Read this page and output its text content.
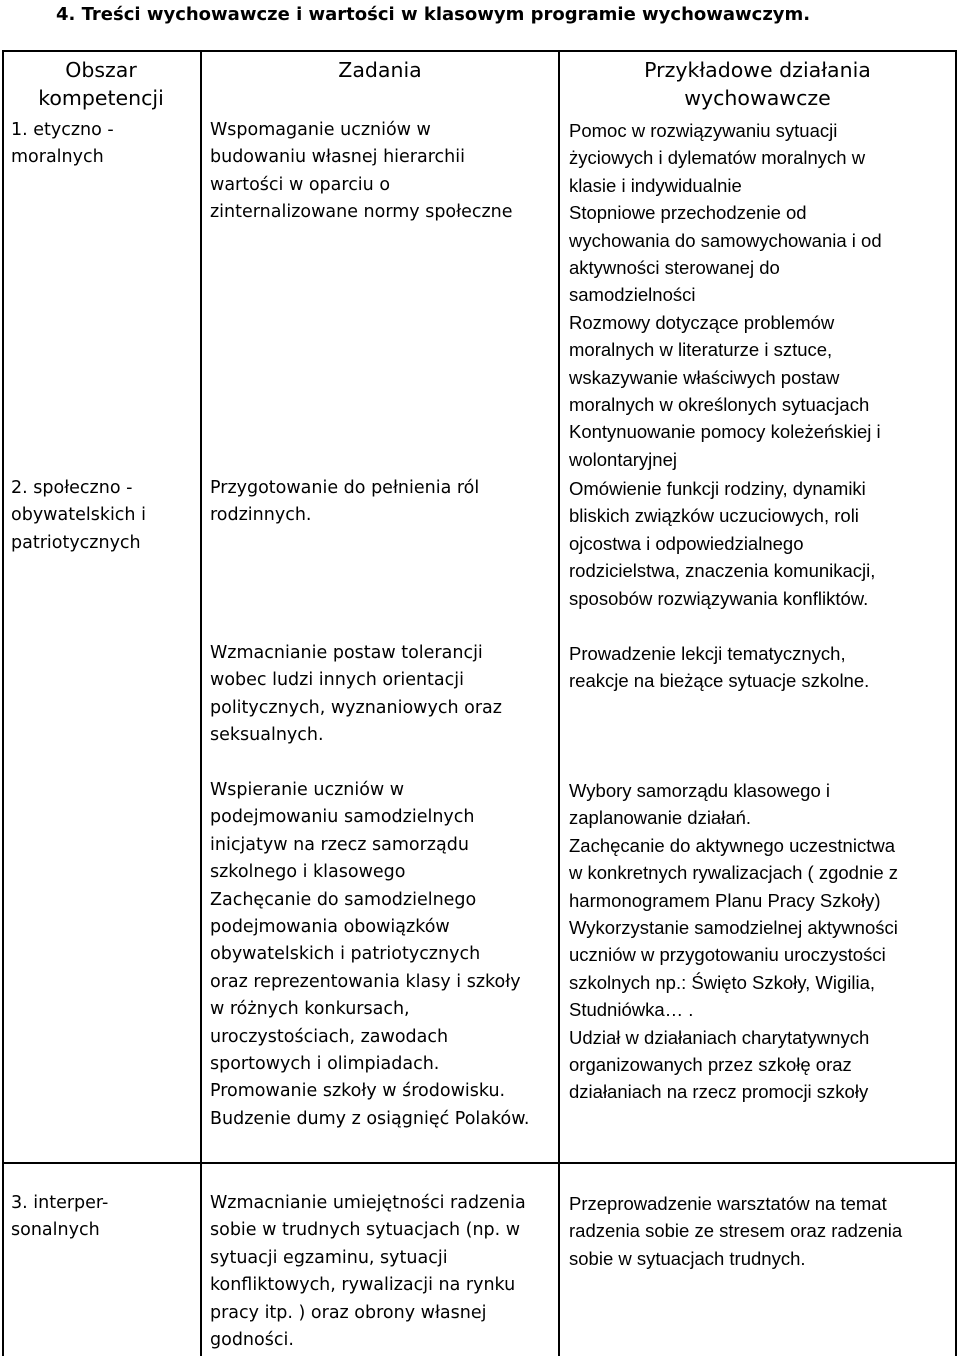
4. Treści wychowawcze i wartości w klasowym programie wychowawczym.
Obszar
kompetencji
Zadania	Przykładowe działania
wychowawcze
1. etyczno -
moralnych
2. społeczno -
obywatelskich i
patriotycznych
3. interper-
sonalnych
Wspomaganie uczniów w
budowaniu własnej hierarchii
wartości w oparciu o
zinternalizowane normy społeczne
Przygotowanie do pełnienia ról
rodzinnych.
Wzmacnianie postaw tolerancji
wobec ludzi innych orientacji
politycznych, wyznaniowych oraz
seksualnych.
Wspieranie uczniów w
podejmowaniu samodzielnych
inicjatyw na rzecz samorządu
szkolnego i klasowego
Zachęcanie do samodzielnego
podejmowania obowiązków
obywatelskich i patriotycznych
oraz reprezentowania klasy i szkoły
w różnych konkursach,
uroczystościach, zawodach
sportowych i olimpiadach.
Promowanie szkoły w środowisku.
Budzenie dumy z osiągnięć Polaków.
Wzmacnianie umiejętności radzenia
sobie w trudnych sytuacjach (np. w
sytuacji egzaminu, sytuacji
konfliktowych, rywalizacji na rynku
pracy itp. ) oraz obrony własnej
godności.
Pomoc w rozwiązywaniu sytuacji
życiowych i dylematów moralnych w
klasie i indywidualnie
Stopniowe przechodzenie od
wychowania do samowychowania i od
aktywności sterowanej do
samodzielności
Rozmowy dotyczące problemów
moralnych w literaturze i sztuce,
wskazywanie właściwych postaw
moralnych w określonych sytuacjach
Kontynuowanie pomocy koleżeńskiej i
wolontaryjnej
Omówienie funkcji rodziny, dynamiki
bliskich związków uczuciowych, roli
ojcostwa i odpowiedzialnego
rodzicielstwa, znaczenia komunikacji,
sposobów rozwiązywania konfliktów.
Prowadzenie lekcji tematycznych,
reakcje na bieżące sytuacje szkolne.
Wybory samorządu klasowego i
zaplanowanie działań.
Zachęcanie do aktywnego uczestnictwa
w konkretnych rywalizacjach ( zgodnie z
harmonogramem Planu Pracy Szkoły)
Wykorzystanie samodzielnej aktywności
uczniów w przygotowaniu uroczystości
szkolnych np.: Święto Szkoły, Wigilia,
Studniówka… .
Udział w działaniach charytatywnych
organizowanych przez szkołę oraz
działaniach na rzecz promocji szkoły
Przeprowadzenie warsztatów na temat
radzenia sobie ze stresem oraz radzenia
sobie w sytuacjach trudnych.
